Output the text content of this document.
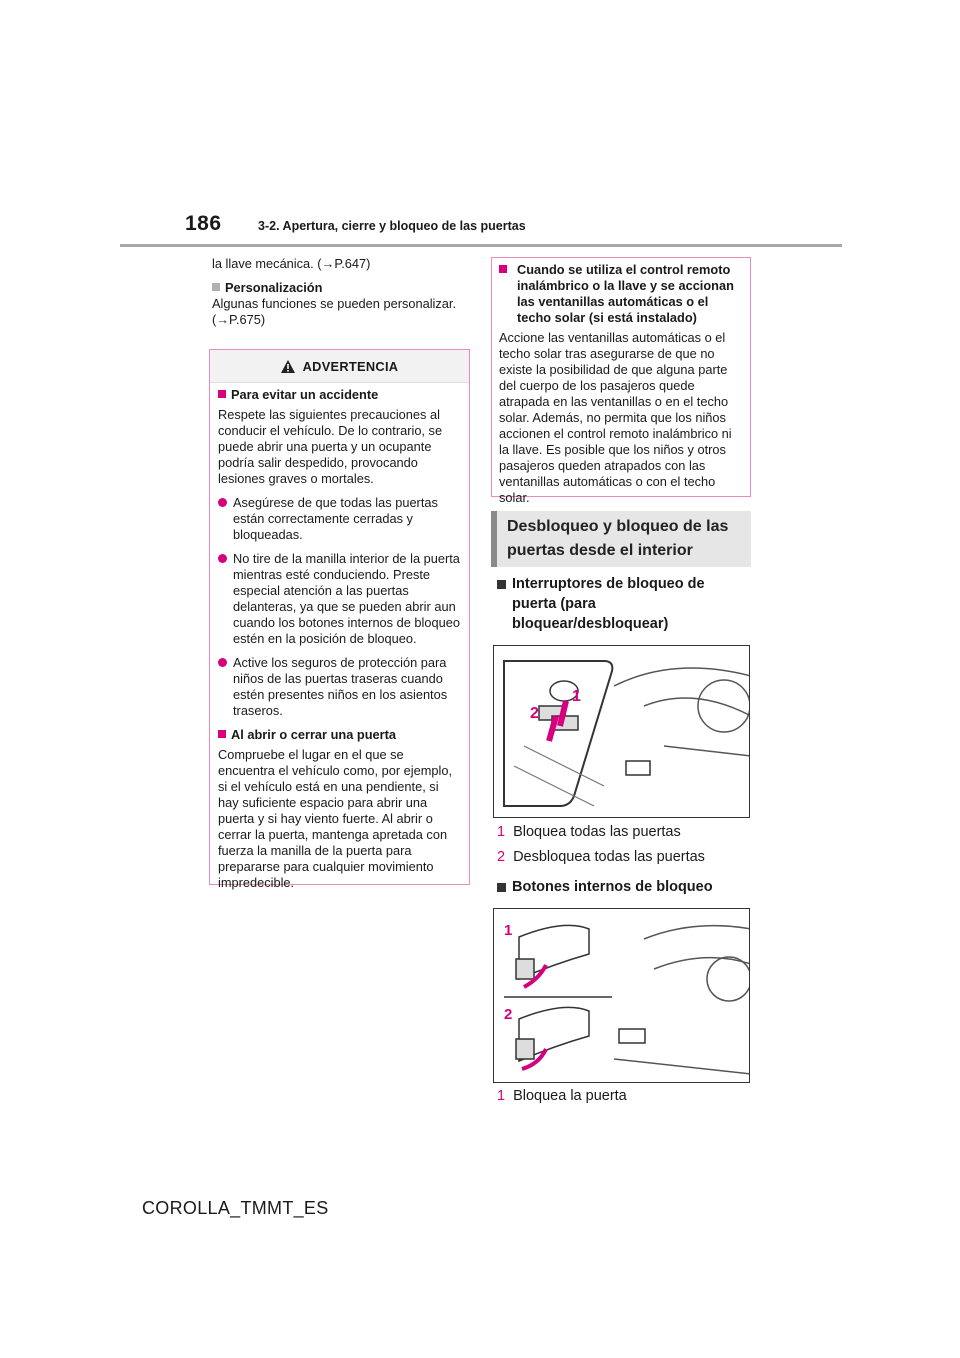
186	3-2. Apertura, cierre y bloqueo de las puertas

la llave mecánica. (→P.647)

Personalización

Algunas funciones se pueden personalizar. (→P.675)

ADVERTENCIA

Para evitar un accidente

Respete las siguientes precauciones al conducir el vehículo. De lo contrario, se puede abrir una puerta y un ocupante podría salir despedido, provocando lesiones graves o mortales.

Asegúrese de que todas las puertas están correctamente cerradas y bloqueadas.
No tire de la manilla interior de la puerta mientras esté conduciendo. Preste especial atención a las puertas delanteras, ya que se pueden abrir aun cuando los botones internos de bloqueo estén en la posición de bloqueo.
Active los seguros de protección para niños de las puertas traseras cuando estén presentes niños en los asientos traseros.

Al abrir o cerrar una puerta

Compruebe el lugar en el que se encuentra el vehículo como, por ejemplo, si el vehículo está en una pendiente, si hay suficiente espacio para abrir una puerta y si hay viento fuerte. Al abrir o cerrar la puerta, mantenga apretada con fuerza la manilla de la puerta para prepararse para cualquier movimiento impredecible.

Cuando se utiliza el control remoto inalámbrico o la llave y se accionan las ventanillas automáticas o el techo solar (si está instalado)

Accione las ventanillas automáticas o el techo solar tras asegurarse de que no existe la posibilidad de que alguna parte del cuerpo de los pasajeros quede atrapada en las ventanillas o en el techo solar. Además, no permita que los niños accionen el control remoto inalámbrico ni la llave. Es posible que los niños y otros pasajeros queden atrapados con las ventanillas automáticas o con el techo solar.

Desbloqueo y bloqueo de las puertas desde el interior
Interruptores de bloqueo de puerta (para bloquear/desbloquear)
1
2
1 Bloquea todas las puertas
2 Desbloquea todas las puertas
Botones internos de bloqueo
1
2
1 Bloquea la puerta
COROLLA_TMMT_ES
